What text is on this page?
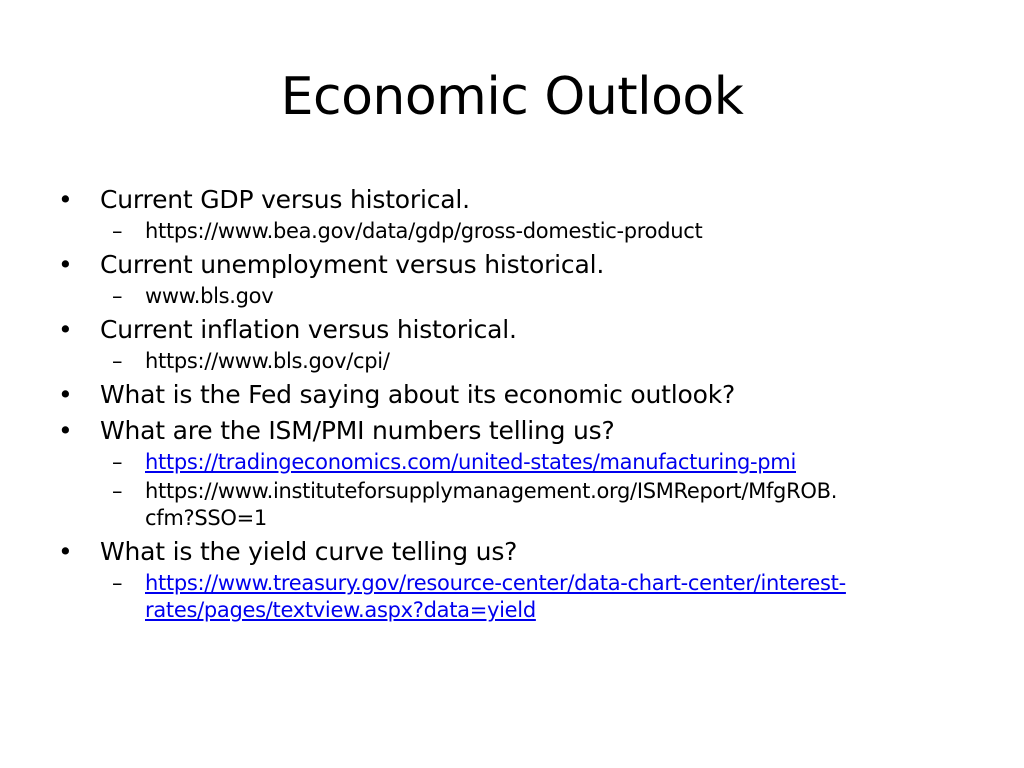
Economic Outlook
• Current GDP versus historical.
– https://www.bea.gov/data/gdp/gross-domestic-product
• Current unemployment versus historical.
– www.bls.gov
• Current inflation versus historical.
– https://www.bls.gov/cpi/
• What is the Fed saying about its economic outlook?
• What are the ISM/PMI numbers telling us?
– https://tradingeconomics.com/united-states/manufacturing-pmi
– https://www.instituteforsupplymanagement.org/ISMReport/MfgROB.
cfm?SSO=1
• What is the yield curve telling us?
– https://www.treasury.gov/resource-center/data-chart-center/interest-
rates/pages/textview.aspx?data=yield
